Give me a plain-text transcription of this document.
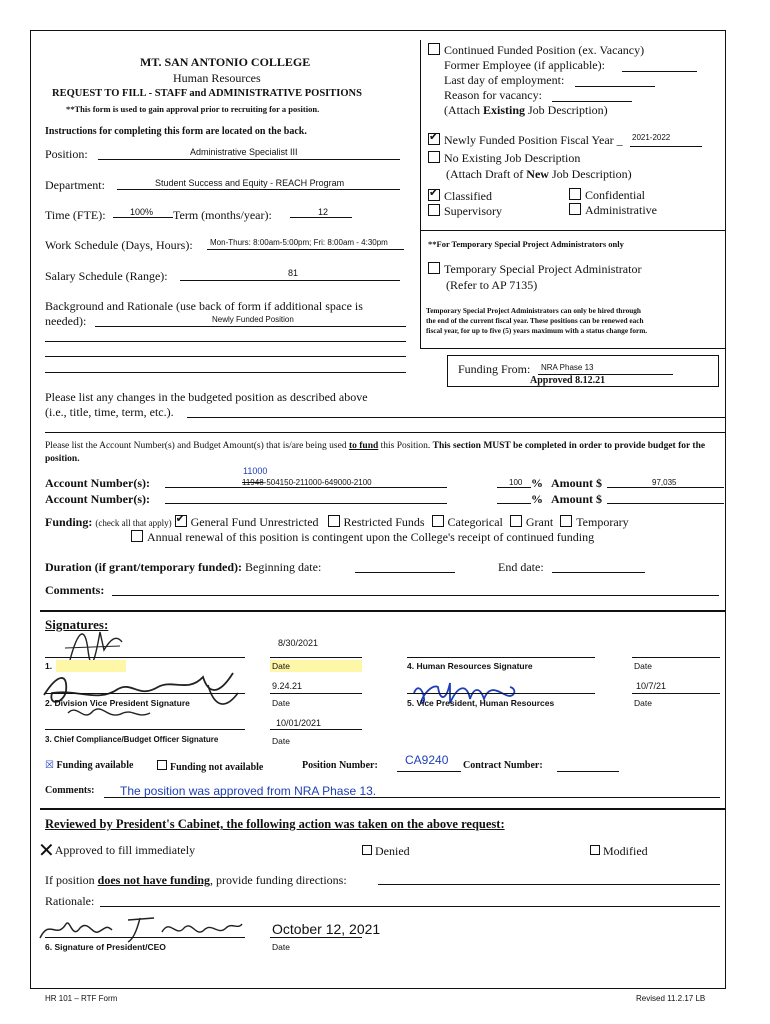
MT. SAN ANTONIO COLLEGE
Human Resources
REQUEST TO FILL - STAFF and ADMINISTRATIVE POSITIONS
**This form is used to gain approval prior to recruiting for a position.
Instructions for completing this form are located on the back.
Continued Funded Position (ex. Vacancy)
Former Employee (if applicable):
Last day of employment:
Reason for vacancy:
(Attach Existing Job Description)
✔Newly Funded Position Fiscal Year _ 2021-2022
No Existing Job Description
(Attach Draft of New Job Description)
✔Classified	Confidential
Supervisory	Administrative
**For Temporary Special Project Administrators only
Temporary Special Project Administrator
(Refer to AP 7135)
Temporary Special Project Administrators can only be hired through
the end of the current fiscal year. These positions can be renewed each
fiscal year, for up to five (5) years maximum with a status change form.
Funding From: NRA Phase 13
Approved 8.12.21
Position:	Administrative Specialist III
Department:	Student Success and Equity - REACH Program
Time (FTE):	100% Term (months/year):	12
Work Schedule (Days, Hours): Mon-Thurs: 8:00am-5:00pm; Fri: 8:00am - 4:30pm
Salary Schedule (Range):	81
Background and Rationale (use back of form if additional space is
needed):	Newly Funded Position
Please list any changes in the budgeted position as described above
(i.e., title, time, term, etc.).
Please list the Account Number(s) and Budget Amount(s) that is/are being used to fund this Position. This section MUST be completed in order to provide budget for the position.
11000
Account Number(s):	11948-504150-211000-649000-2100	100 % Amount $	97,035
Account Number(s):	% Amount $
Funding: (check all that apply) ✔ General Fund Unrestricted Restricted Funds Categorical Grant Temporary
Annual renewal of this position is contingent upon the College's receipt of continued funding
Duration (if grant/temporary funded): Beginning date:	End date:
Comments:
Signatures:
8/30/2021
1.	Date
9.24.21
2. Division Vice President Signature	Date
10/01/2021
3. Chief Compliance/Budget Officer Signature	Date
4. Human Resources Signature	Date
10/7/21
5. Vice President, Human Resources	Date
☒ Funding available	Funding not available	Position Number: CA9240 Contract Number:
Comments: The position was approved from NRA Phase 13.
Reviewed by President's Cabinet, the following action was taken on the above request:
✕Approved to fill immediately	Denied	Modified
If position does not have funding, provide funding directions:
Rationale:
October 12, 2021
6. Signature of President/CEO	Date
HR 101 – RTF Form	Revised 11.2.17 LB
